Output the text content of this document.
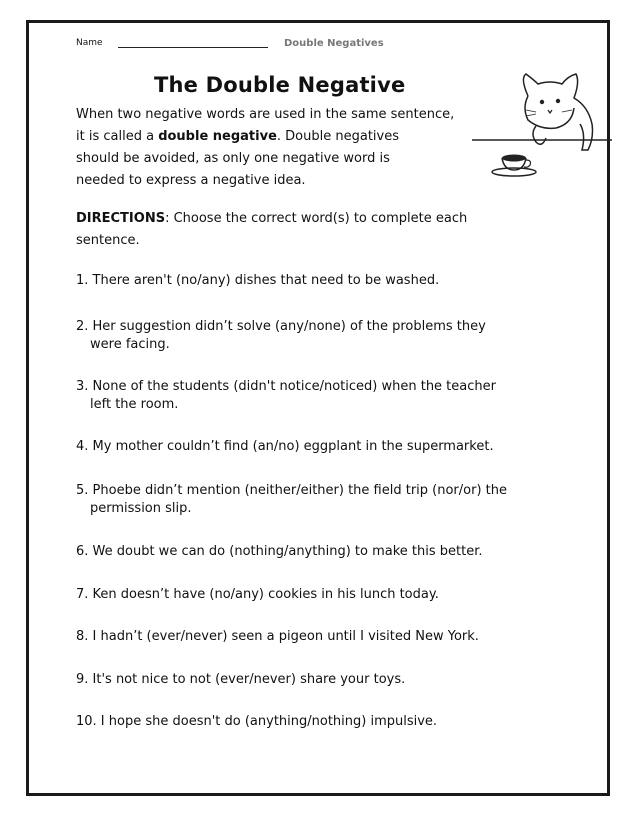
Name	Double Negatives
The Double Negative
When two negative words are used in the same sentence,
it is called a double negative. Double negatives
should be avoided, as only one negative word is
needed to express a negative idea.
DIRECTIONS: Choose the correct word(s) to complete each
sentence.
1. There aren't (no/any) dishes that need to be washed.
2. Her suggestion didn’t solve (any/none) of the problems they
were facing.
3. None of the students (didn't notice/noticed) when the teacher
left the room.
4. My mother couldn’t find (an/no) eggplant in the supermarket.
5. Phoebe didn’t mention (neither/either) the field trip (nor/or) the
permission slip.
6. We doubt we can do (nothing/anything) to make this better.
7. Ken doesn’t have (no/any) cookies in his lunch today.
8. I hadn’t (ever/never) seen a pigeon until I visited New York.
9. It's not nice to not (ever/never) share your toys.
10. I hope she doesn't do (anything/nothing) impulsive.
